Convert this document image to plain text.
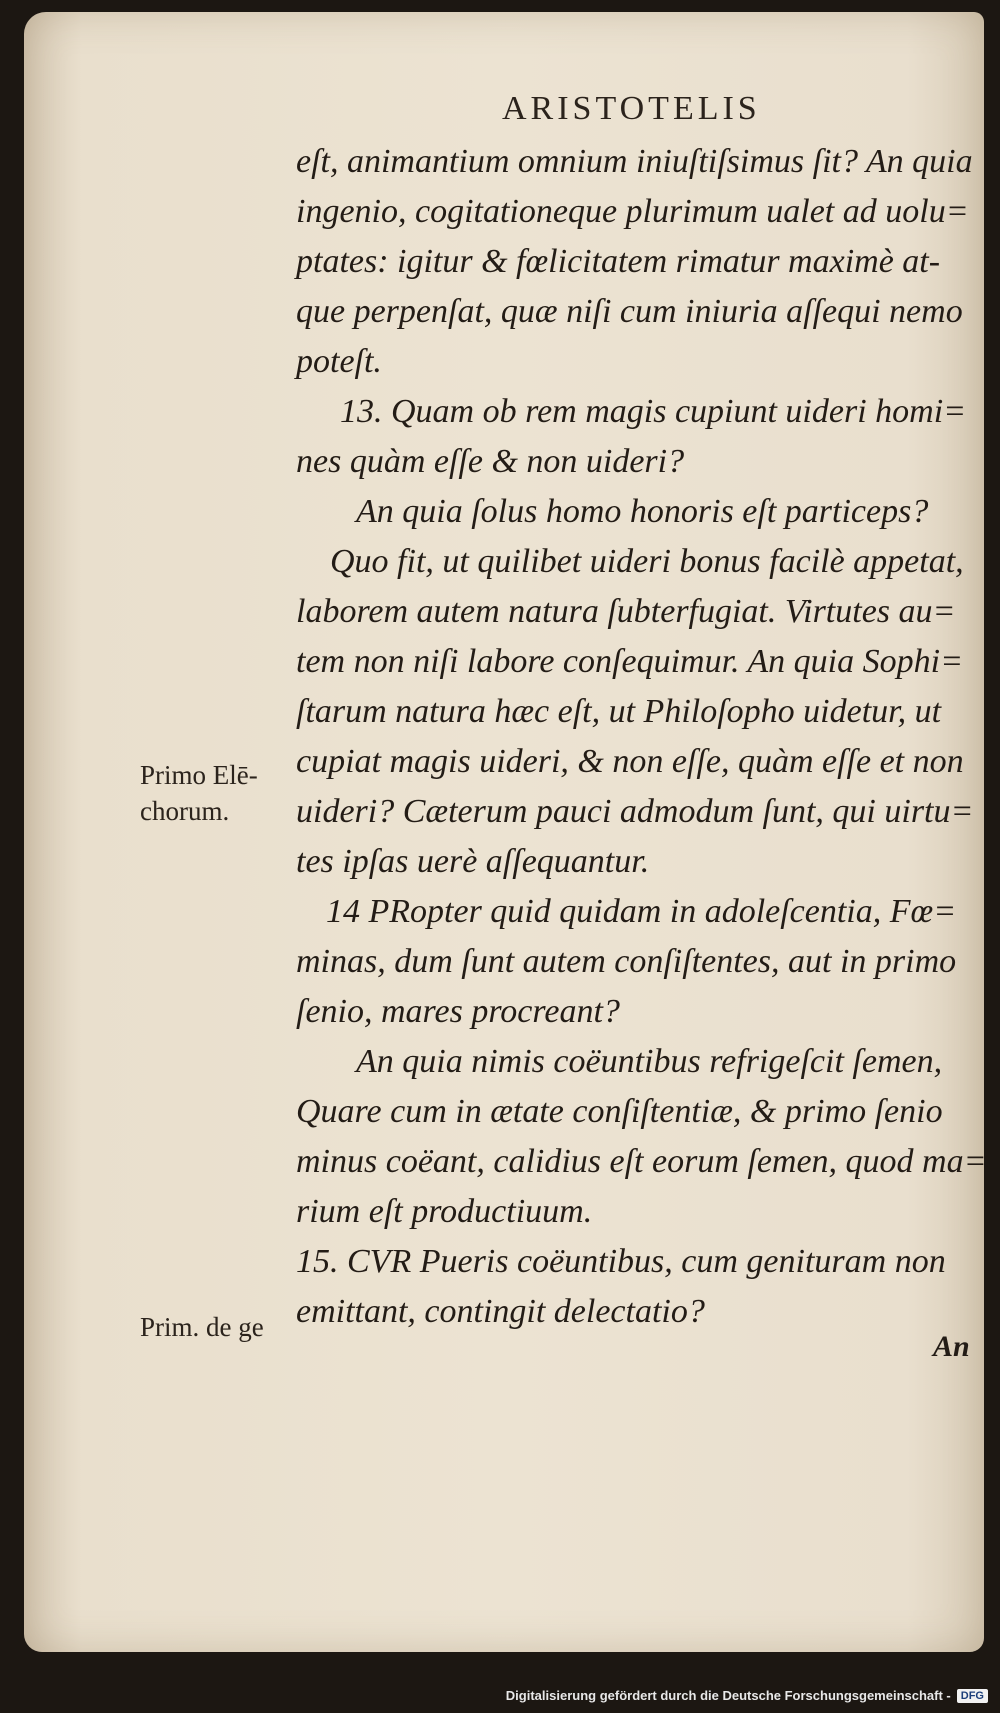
ARISTOTELIS
eſt, animantium omnium iniuſtiſsimus ſit? An quia
ingenio, cogitationeque plurimum ualet ad uolu=
ptates: igitur & fœlicitatem rimatur maximè at-
que perpenſat, quæ niſi cum iniuria aſſequi nemo
poteſt.
13. Quam ob rem magis cupiunt uideri homi=
nes quàm eſſe & non uideri?
An quia ſolus homo honoris eſt particeps?
Quo fit, ut quilibet uideri bonus facilè appetat,
laborem autem natura ſubterfugiat. Virtutes au=
tem non niſi labore conſequimur. An quia Sophi=
ſtarum natura hæc eſt, ut Philoſopho uidetur, ut
cupiat magis uideri, & non eſſe, quàm eſſe et non
uideri? Cæterum pauci admodum ſunt, qui uirtu=
tes ipſas uerè aſſequantur.
14 PRopter quid quidam in adoleſcentia, Fœ=
minas, dum ſunt autem conſiſtentes, aut in primo
ſenio, mares procreant?
An quia nimis coëuntibus refrigeſcit ſemen,
Quare cum in ætate conſiſtentiæ, & primo ſenio
minus coëant, calidius eſt eorum ſemen, quod ma=
rium eſt productiuum.
15. CVR Pueris coëuntibus, cum genituram non
emittant, contingit delectatio?
Primo Elē-
chorum.
Prim. de ge
An
Digitalisierung gefördert durch die Deutsche Forschungsgemeinschaft - DFG
